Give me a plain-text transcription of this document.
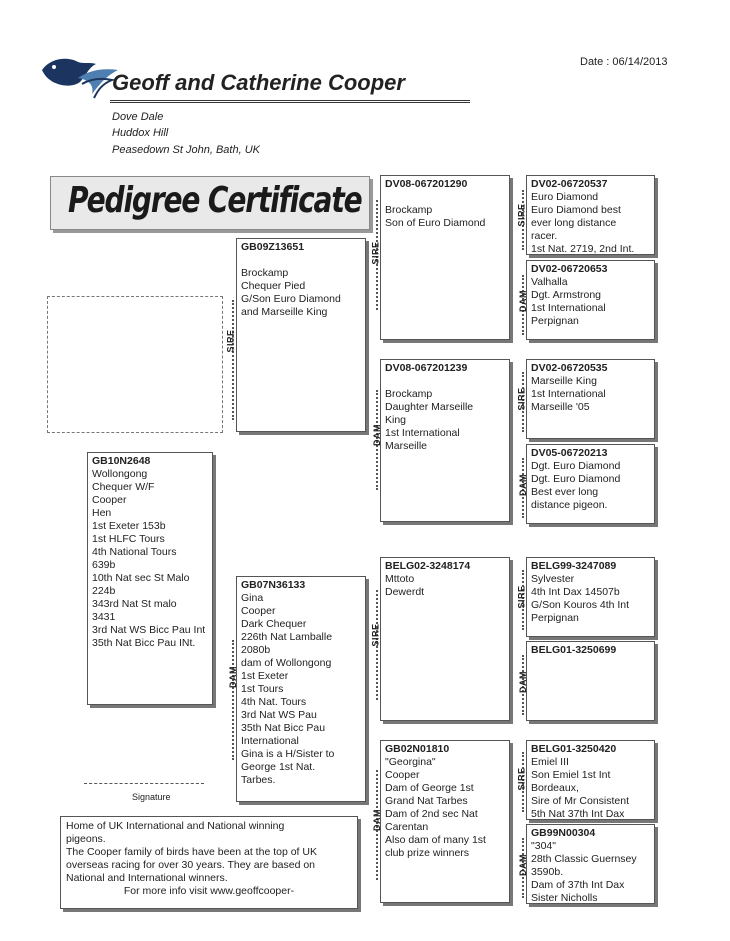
Date : 06/14/2013
Geoff and Catherine Cooper
Dove Dale
Huddox Hill
Peasedown St John, Bath, UK
Pedigree Certificate
GB10N2648
Wollongong
Chequer W/F
Cooper
Hen
1st Exeter 153b
1st HLFC Tours
4th National Tours
639b
10th Nat sec St Malo
224b
343rd Nat St malo
3431
3rd Nat WS Bicc Pau Int
35th Nat Bicc Pau INt.
GB09Z13651

Brockamp
Chequer Pied
G/Son Euro Diamond
and Marseille King
GB07N36133
Gina
Cooper
Dark Chequer
226th Nat Lamballe
2080b
dam of Wollongong
1st Exeter
1st Tours
4th Nat. Tours
3rd Nat WS Pau
35th Nat Bicc Pau
International
Gina is a H/Sister to
George 1st Nat.
Tarbes.
DV08-067201290

Brockamp
Son of Euro Diamond
DV08-067201239

Brockamp
Daughter Marseille
King
1st International
Marseille
BELG02-3248174
Mttoto
Dewerdt
GB02N01810
"Georgina"
Cooper
Dam of George 1st
Grand Nat Tarbes
Dam of 2nd sec Nat
Carentan
Also dam of many 1st
club prize winners
DV02-06720537
Euro Diamond
Euro Diamond best
ever long distance
racer.
1st Nat. 2719, 2nd Int.
DV02-06720653
Valhalla
Dgt. Armstrong
1st International
Perpignan
DV02-06720535
Marseille King
1st International
Marseille '05
DV05-06720213
Dgt. Euro Diamond
Dgt. Euro Diamond
Best ever long
distance pigeon.
BELG99-3247089
Sylvester
4th Int Dax 14507b
G/Son Kouros 4th Int
Perpignan
BELG01-3250699
BELG01-3250420
Emiel III
Son Emiel 1st Int
Bordeaux,
Sire of Mr Consistent
5th Nat 37th Int Dax
GB99N00304
"304"
28th Classic Guernsey
3590b.
Dam of 37th Int Dax
Sister Nicholls
SIRE
DAM
SIRE
DAM
SIRE
DAM
SIRE
DAM
SIRE
DAM
SIRE
DAM
SIRE
DAM
Signature
Home of UK International and National winning
pigeons.
The Cooper family of birds have been at the top of UK
overseas racing for over 30 years. They are based on
National and International winners.
For more info visit www.geoffcooper-
